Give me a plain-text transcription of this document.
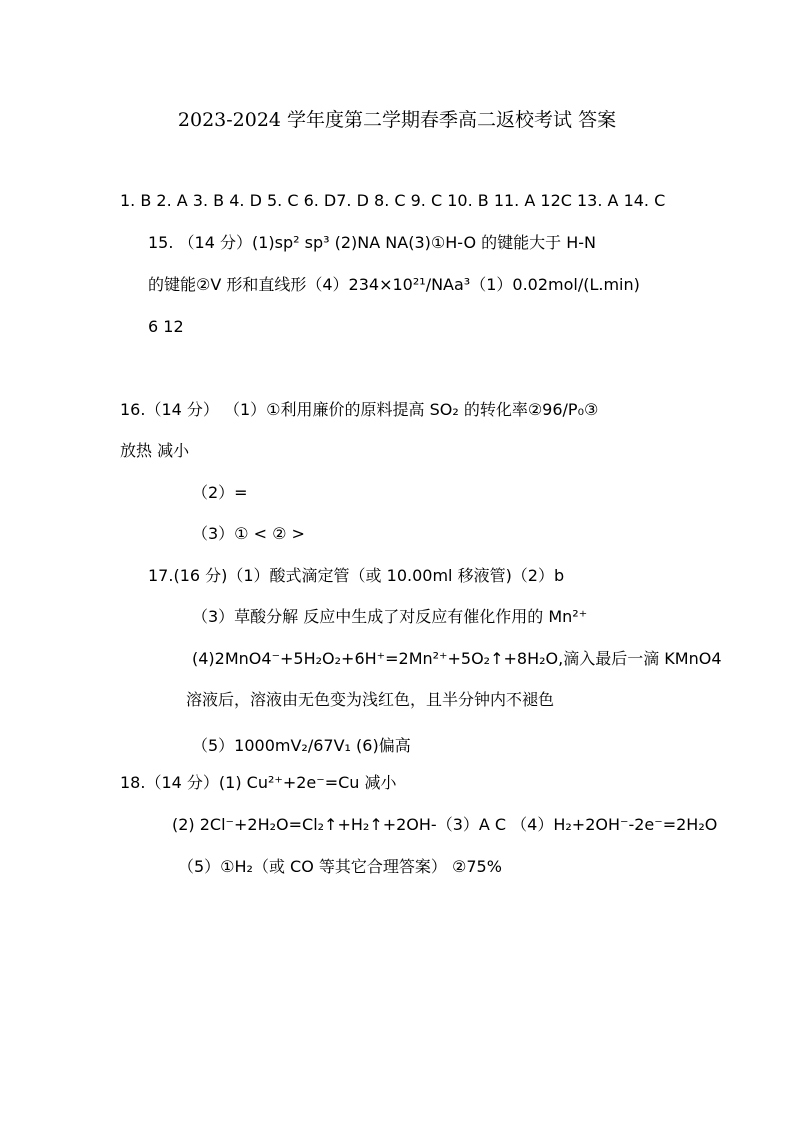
2023-2024 学年度第二学期春季高二返校考试 答案
1. B 2. A 3. B 4. D 5. C 6. D7. D 8. C 9. C 10. B 11. A 12C 13. A 14. C
15. （14 分）(1)sp² sp³ (2)NA NA(3)①H-O 的键能大于 H-N
的键能②V 形和直线形（4）234×10²¹/NAa³（1）0.02mol/(L.min)
6 12
16.（14 分） （1）①利用廉价的原料提高 SO₂ 的转化率②96/P₀③
放热 减小
（2）=
（3）① < ② >
17.(16 分)（1）酸式滴定管（或 10.00ml 移液管)（2）b
（3）草酸分解 反应中生成了对反应有催化作用的 Mn²⁺
(4)2MnO4⁻+5H₂O₂+6H⁺=2Mn²⁺+5O₂↑+8H₂O,滴入最后一滴 KMnO4
溶液后，溶液由无色变为浅红色，且半分钟内不褪色
（5）1000mV₂/67V₁ (6)偏高
18.（14 分）(1) Cu²⁺+2e⁻=Cu 减小
(2) 2Cl⁻+2H₂O=Cl₂↑+H₂↑+2OH-（3）A C （4）H₂+2OH⁻-2e⁻=2H₂O
（5）①H₂（或 CO 等其它合理答案） ②75%
